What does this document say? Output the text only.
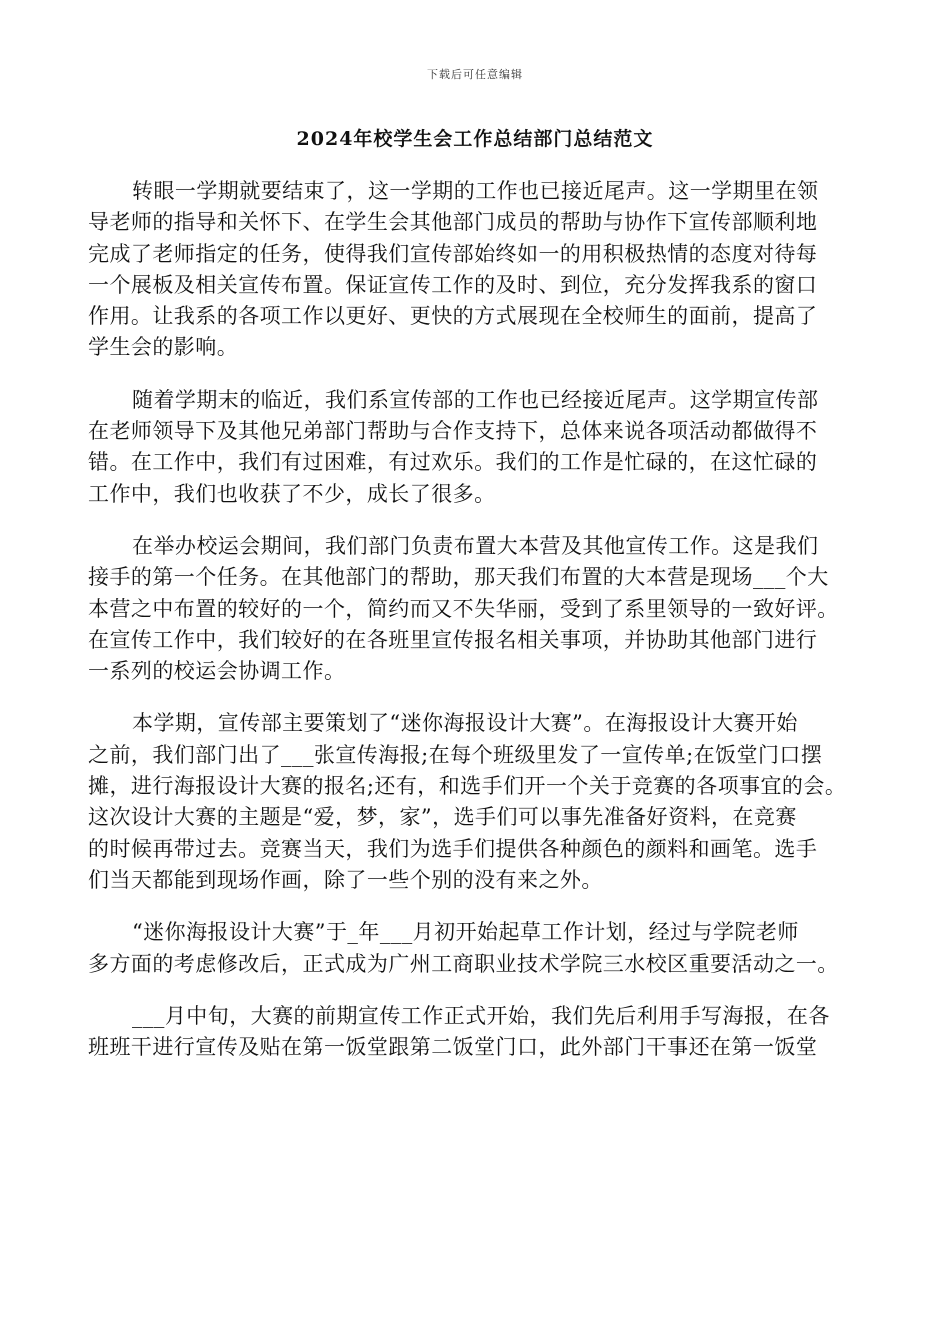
下载后可任意编辑
2024年校学生会工作总结部门总结范文
转眼一学期就要结束了，这一学期的工作也已接近尾声。这一学期里在领
导老师的指导和关怀下、在学生会其他部门成员的帮助与协作下宣传部顺利地
完成了老师指定的任务，使得我们宣传部始终如一的用积极热情的态度对待每
一个展板及相关宣传布置。保证宣传工作的及时、到位，充分发挥我系的窗口
作用。让我系的各项工作以更好、更快的方式展现在全校师生的面前，提高了
学生会的影响。
随着学期末的临近，我们系宣传部的工作也已经接近尾声。这学期宣传部
在老师领导下及其他兄弟部门帮助与合作支持下，总体来说各项活动都做得不
错。在工作中，我们有过困难，有过欢乐。我们的工作是忙碌的，在这忙碌的
工作中，我们也收获了不少，成长了很多。
在举办校运会期间，我们部门负责布置大本营及其他宣传工作。这是我们
接手的第一个任务。在其他部门的帮助，那天我们布置的大本营是现场___个大
本营之中布置的较好的一个，简约而又不失华丽，受到了系里领导的一致好评。
在宣传工作中，我们较好的在各班里宣传报名相关事项，并协助其他部门进行
一系列的校运会协调工作。
本学期，宣传部主要策划了“迷你海报设计大赛”。在海报设计大赛开始
之前，我们部门出了___张宣传海报;在每个班级里发了一宣传单;在饭堂门口摆
摊，进行海报设计大赛的报名;还有，和选手们开一个关于竞赛的各项事宜的会。
这次设计大赛的主题是“爱，梦，家”，选手们可以事先准备好资料，在竞赛
的时候再带过去。竞赛当天，我们为选手们提供各种颜色的颜料和画笔。选手
们当天都能到现场作画，除了一些个别的没有来之外。
“迷你海报设计大赛”于_年___月初开始起草工作计划，经过与学院老师
多方面的考虑修改后，正式成为广州工商职业技术学院三水校区重要活动之一。
___月中旬，大赛的前期宣传工作正式开始，我们先后利用手写海报，在各
班班干进行宣传及贴在第一饭堂跟第二饭堂门口，此外部门干事还在第一饭堂
